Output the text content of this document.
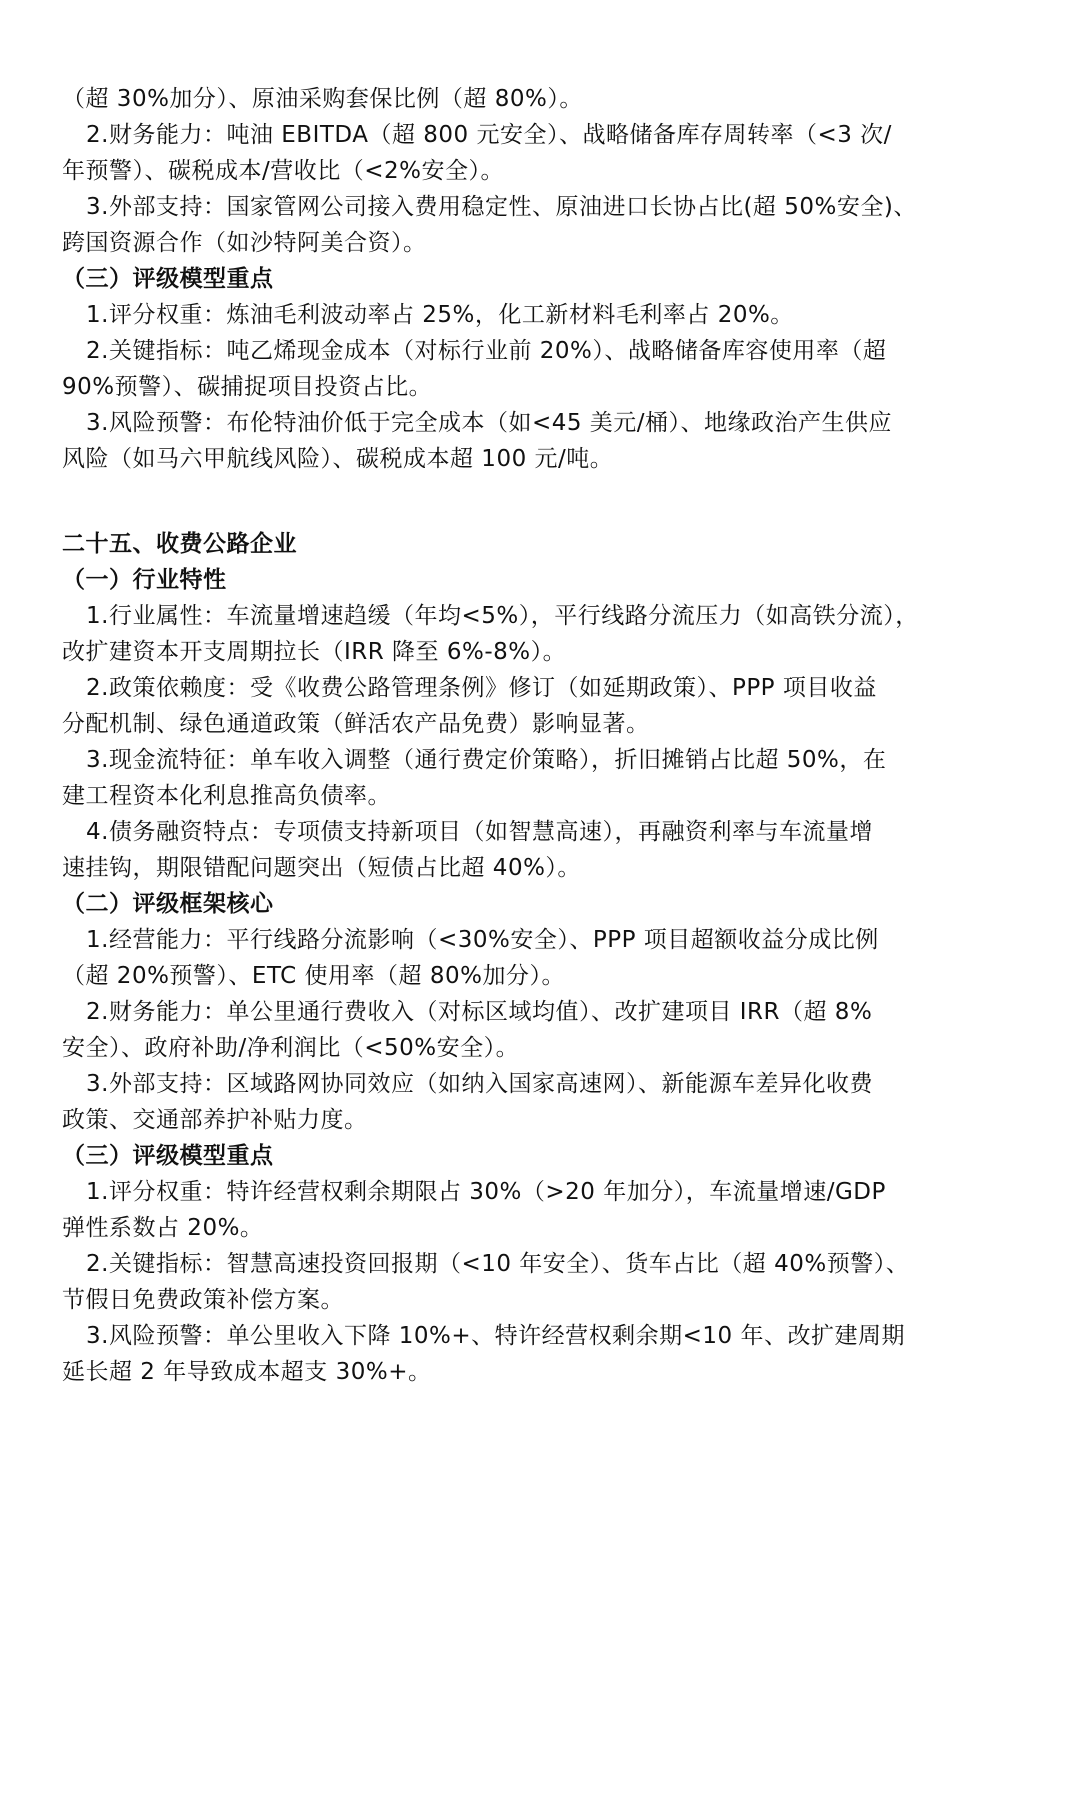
（超 30%加分）、原油采购套保比例（超 80%）。
2.财务能力：吨油 EBITDA（超 800 元安全）、战略储备库存周转率（<3 次/
年预警）、碳税成本/营收比（<2%安全）。
3.外部支持：国家管网公司接入费用稳定性、原油进口长协占比(超 50%安全)、
跨国资源合作（如沙特阿美合资）。
（三）评级模型重点
1.评分权重：炼油毛利波动率占 25%，化工新材料毛利率占 20%。
2.关键指标：吨乙烯现金成本（对标行业前 20%）、战略储备库容使用率（超
90%预警）、碳捕捉项目投资占比。
3.风险预警：布伦特油价低于完全成本（如<45 美元/桶）、地缘政治产生供应
风险（如马六甲航线风险）、碳税成本超 100 元/吨。
二十五、收费公路企业
（一）行业特性
1.行业属性：车流量增速趋缓（年均<5%），平行线路分流压力（如高铁分流），
改扩建资本开支周期拉长（IRR 降至 6%-8%）。
2.政策依赖度：受《收费公路管理条例》修订（如延期政策）、PPP 项目收益
分配机制、绿色通道政策（鲜活农产品免费）影响显著。
3.现金流特征：单车收入调整（通行费定价策略），折旧摊销占比超 50%，在
建工程资本化利息推高负债率。
4.债务融资特点：专项债支持新项目（如智慧高速），再融资利率与车流量增
速挂钩，期限错配问题突出（短债占比超 40%）。
（二）评级框架核心
1.经营能力：平行线路分流影响（<30%安全）、PPP 项目超额收益分成比例
（超 20%预警）、ETC 使用率（超 80%加分）。
2.财务能力：单公里通行费收入（对标区域均值）、改扩建项目 IRR（超 8%
安全）、政府补助/净利润比（<50%安全）。
3.外部支持：区域路网协同效应（如纳入国家高速网）、新能源车差异化收费
政策、交通部养护补贴力度。
（三）评级模型重点
1.评分权重：特许经营权剩余期限占 30%（>20 年加分），车流量增速/GDP
弹性系数占 20%。
2.关键指标：智慧高速投资回报期（<10 年安全）、货车占比（超 40%预警）、
节假日免费政策补偿方案。
3.风险预警：单公里收入下降 10%+、特许经营权剩余期<10 年、改扩建周期
延长超 2 年导致成本超支 30%+。
